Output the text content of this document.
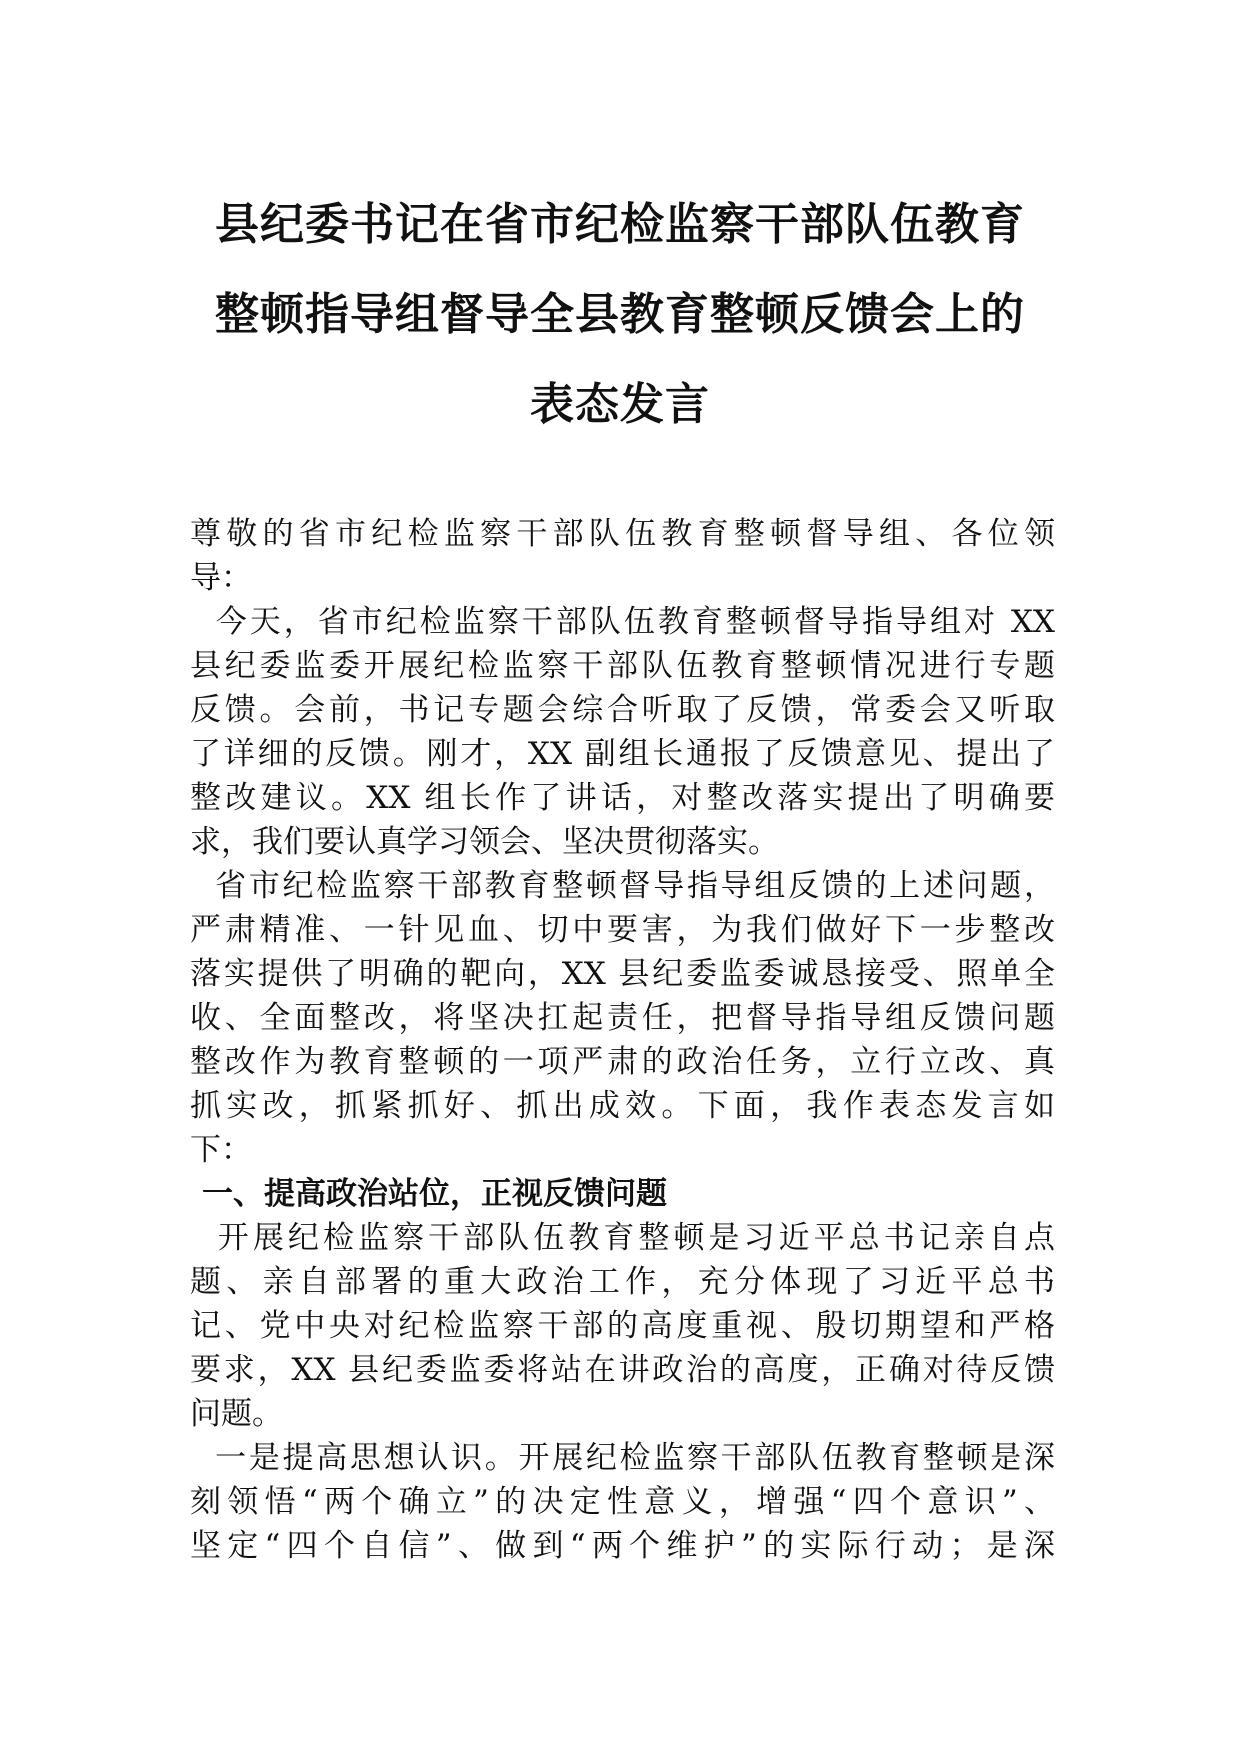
县纪委书记在省市纪检监察干部队伍教育
整顿指导组督导全县教育整顿反馈会上的
表态发言
尊敬的省市纪检监察干部队伍教育整顿督导组、各位领
导：
今天，省市纪检监察干部队伍教育整顿督导指导组对 XX
县纪委监委开展纪检监察干部队伍教育整顿情况进行专题
反馈。会前，书记专题会综合听取了反馈，常委会又听取
了详细的反馈。刚才，XX 副组长通报了反馈意见、提出了
整改建议。XX 组长作了讲话，对整改落实提出了明确要
求，我们要认真学习领会、坚决贯彻落实。
省市纪检监察干部教育整顿督导指导组反馈的上述问题，
严肃精准、一针见血、切中要害，为我们做好下一步整改
落实提供了明确的靶向，XX 县纪委监委诚恳接受、照单全
收、全面整改，将坚决扛起责任，把督导指导组反馈问题
整改作为教育整顿的一项严肃的政治任务，立行立改、真
抓实改，抓紧抓好、抓出成效。下面，我作表态发言如
下：
一、提高政治站位，正视反馈问题
开展纪检监察干部队伍教育整顿是习近平总书记亲自点
题、亲自部署的重大政治工作，充分体现了习近平总书
记、党中央对纪检监察干部的高度重视、殷切期望和严格
要求，XX 县纪委监委将站在讲政治的高度，正确对待反馈
问题。
一是提高思想认识。开展纪检监察干部队伍教育整顿是深
刻领悟“两个确立”的决定性意义，增强“四个意识”、
坚定“四个自信”、做到“两个维护”的实际行动；是深
